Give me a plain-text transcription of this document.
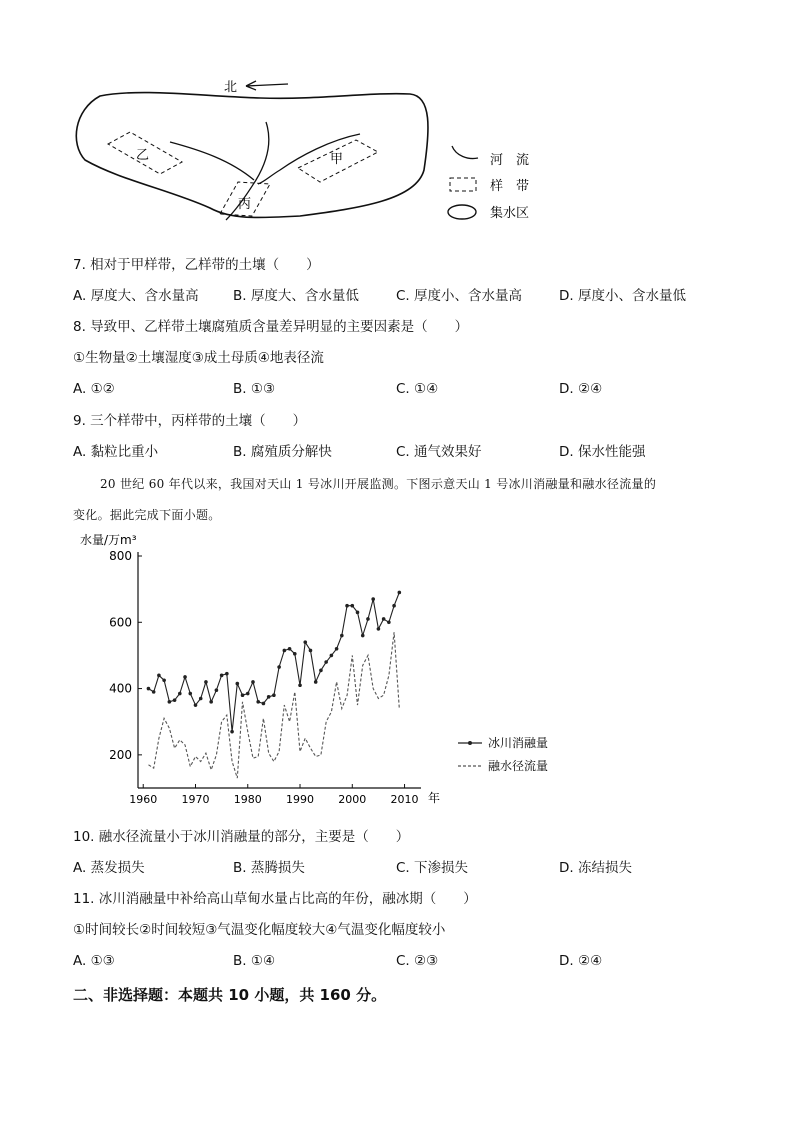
北
乙	甲
丙
河　流
样　带
集水区
7. 相对于甲样带，乙样带的土壤（　　）
A. 厚度大、含水量高	B. 厚度大、含水量低	C. 厚度小、含水量高	D. 厚度小、含水量低
8. 导致甲、乙样带土壤腐殖质含量差异明显的主要因素是（　　）
①生物量②土壤湿度③成土母质④地表径流
A. ①②	B. ①③	C. ①④	D. ②④
9. 三个样带中，丙样带的土壤（　　）
A. 黏粒比重小	B. 腐殖质分解快	C. 通气效果好	D. 保水性能强
20 世纪 60 年代以来，我国对天山 1 号冰川开展监测。下图示意天山 1 号冰川消融量和融水径流量的
变化。据此完成下面小题。
200
400
600
800
1960 1970 1980 1990 2000 2010
水量/万m³
年
冰川消融量
融水径流量
10. 融水径流量小于冰川消融量的部分，主要是（　　）
A. 蒸发损失	B. 蒸腾损失	C. 下渗损失	D. 冻结损失
11. 冰川消融量中补给高山草甸水量占比高的年份，融冰期（　　）
①时间较长②时间较短③气温变化幅度较大④气温变化幅度较小
A. ①③	B. ①④	C. ②③	D. ②④
二、非选择题：本题共 10 小题，共 160 分。
